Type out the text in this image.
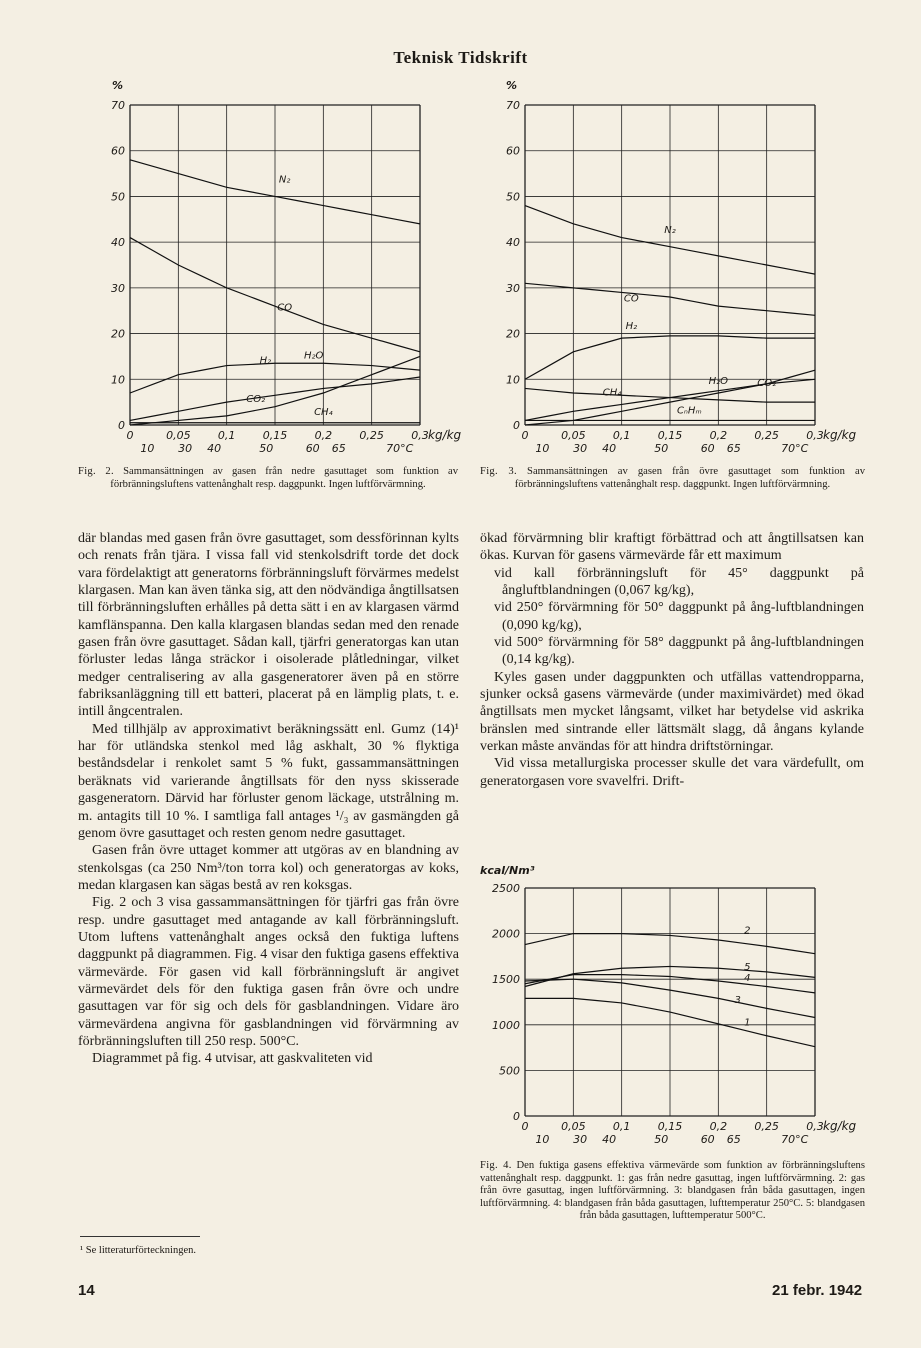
Teknisk Tidskrift
0
10
20
30
40
50
60
70
%
0	0,05 0,1 0,15 0,2 0,25 0,3 kg/kg
10 30 40	50	60 65	70°C
N₂
CO
H₂	H₂O
CO₂
CH₄
Fig. 2. Sammansättningen av gasen från nedre gasuttaget som funktion av förbränningsluftens vattenånghalt resp. daggpunkt. Ingen luftförvärmning.
0
10
20
30
40
50
60
70
%
0	0,05 0,1 0,15 0,2 0,25 0,3 kg/kg
10 30 40	50	60 65	70°C
N₂
CO
H₂
H₂O	CO₂
CH₄
CₙHₘ
Fig. 3. Sammansättningen av gasen från övre gasuttaget som funktion av förbränningsluftens vattenånghalt resp. daggpunkt. Ingen luftförvärmning.

där blandas med gasen från övre gasuttaget, som dessförinnan kylts och renats från tjära. I vissa fall vid stenkolsdrift torde det dock vara fördelaktigt att generatorns förbränningsluft förvärmes medelst klargasen. Man kan även tänka sig, att den nödvändiga ångtillsatsen till förbränningsluften erhålles på detta sätt i en av klargasen värmd kamflänspanna. Den kalla klargasen blandas sedan med den renade gasen från övre gasuttaget. Sådan kall, tjärfri generatorgas kan utan förluster ledas långa sträckor i oisolerade plåtledningar, vilket medger centralisering av alla gasgeneratorer även på en större fabriksanläggning till ett batteri, placerat på en lämplig plats, t. e. intill ångcentralen.

Med tillhjälp av approximativt beräkningssätt enl. Gumz (14)¹ har för utländska stenkol med låg askhalt, 30 % flyktiga beståndsdelar i renkolet samt 5 % fukt, gassammansättningen beräknats vid varierande ångtillsats för den nyss skisserade gasgeneratorn. Därvid har förluster genom läckage, utstrålning m. m. antagits till 10 %. I samtliga fall antages ¹/₃ av gasmängden gå genom övre gasuttaget och resten genom nedre gasuttaget.

Gasen från övre uttaget kommer att utgöras av en blandning av stenkolsgas (ca 250 Nm³/ton torra kol) och generatorgas av koks, medan klargasen kan sägas bestå av ren koksgas.

Fig. 2 och 3 visa gassammansättningen för tjärfri gas från övre resp. undre gasuttaget med antagande av kall förbränningsluft. Utom luftens vattenånghalt anges också den fuktiga luftens daggpunkt på diagrammen. Fig. 4 visar den fuktiga gasens effektiva värmevärde. För gasen vid kall förbränningsluft är angivet värmevärdet dels för den fuktiga gasen från övre och undre gasuttagen var för sig och dels för gasblandningen. Vidare äro värmevärdena angivna för gasblandningen vid förvärmning av förbränningsluften till 250 resp. 500°C.

Diagrammet på fig. 4 utvisar, att gaskvaliteten vid

ökad förvärmning blir kraftigt förbättrad och att ångtillsatsen kan ökas. Kurvan för gasens värmevärde får ett maximum

vid kall förbränningsluft för 45° daggpunkt på ångluftblandningen (0,067 kg/kg),

vid 250° förvärmning för 50° daggpunkt på ång-luftblandningen (0,090 kg/kg),

vid 500° förvärmning för 58° daggpunkt på ång-luftblandningen (0,14 kg/kg).

Kyles gasen under daggpunkten och utfällas vattendropparna, sjunker också gasens värmevärde (under maximivärdet) med ökad ångtillsats men mycket långsamt, vilket har betydelse vid askrika bränslen med sintrande eller lättsmält slagg, då ångans kylande verkan måste användas för att hindra driftstörningar.

Vid vissa metallurgiska processer skulle det vara värdefullt, om generatorgasen vore svavelfri. Drift-

0
500
1000
1500
2000
2500
kcal/Nm³
0	0,05 0,1 0,15 0,2 0,25 0,3 kg/kg
10 30 40	50	60 65	70°C
2
5
4
3
1
Fig. 4. Den fuktiga gasens effektiva värmevärde som funktion av förbränningsluftens vattenånghalt resp. daggpunkt. 1: gas från nedre gasuttag, ingen luftförvärmning. 2: gas från övre gasuttag, ingen luftförvärmning. 3: blandgasen från båda gasuttagen, ingen luftförvärmning. 4: blandgasen från båda gasuttagen, lufttemperatur 250°C. 5: blandgasen från båda gasuttagen, lufttemperatur 500°C.
¹ Se litteraturförteckningen.
14	21 febr. 1942
